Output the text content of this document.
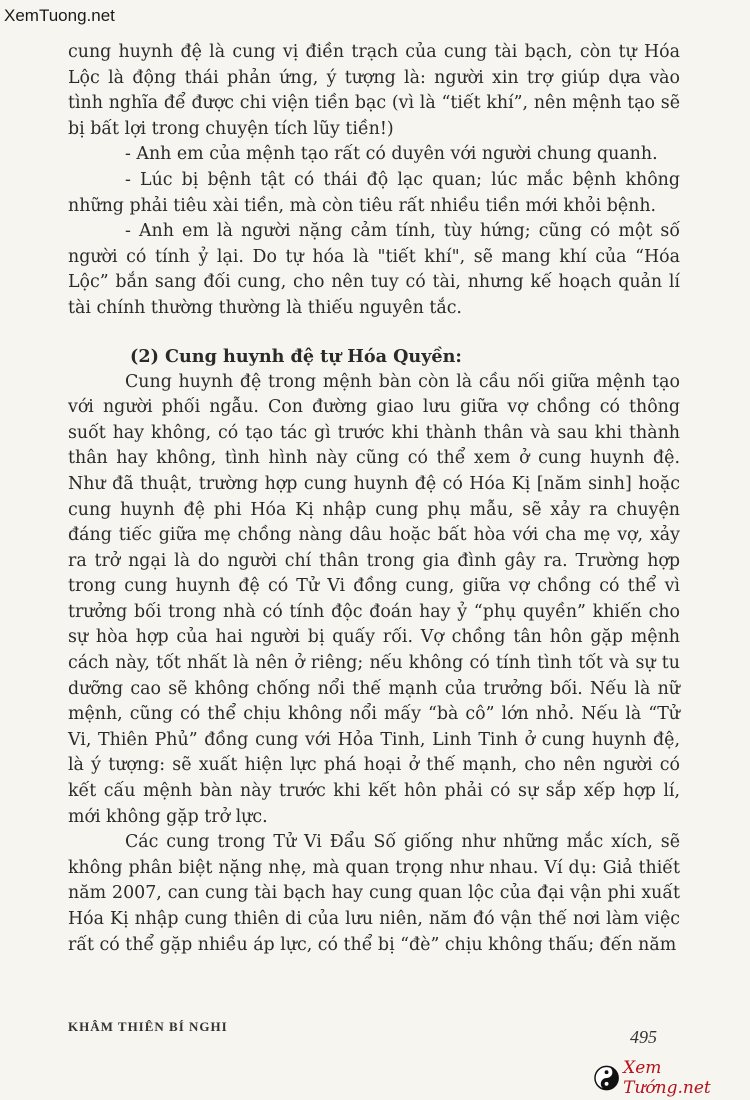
XemTuong.net

cung huynh đệ là cung vị điền trạch của cung tài bạch, còn tự Hóa Lộc là động thái phản ứng, ý tượng là: người xin trợ giúp dựa vào tình nghĩa để được chi viện tiền bạc (vì là “tiết khí”, nên mệnh tạo sẽ bị bất lợi trong chuyện tích lũy tiền!)

- Anh em của mệnh tạo rất có duyên với người chung quanh.

- Lúc bị bệnh tật có thái độ lạc quan; lúc mắc bệnh không những phải tiêu xài tiền, mà còn tiêu rất nhiều tiền mới khỏi bệnh.

- Anh em là người nặng cảm tính, tùy hứng; cũng có một số người có tính ỷ lại. Do tự hóa là "tiết khí", sẽ mang khí của “Hóa Lộc” bắn sang đối cung, cho nên tuy có tài, nhưng kế hoạch quản lí tài chính thường thường là thiếu nguyên tắc.

(2) Cung huynh đệ tự Hóa Quyền:

Cung huynh đệ trong mệnh bàn còn là cầu nối giữa mệnh tạo với người phối ngẫu. Con đường giao lưu giữa vợ chồng có thông suốt hay không, có tạo tác gì trước khi thành thân và sau khi thành thân hay không, tình hình này cũng có thể xem ở cung huynh đệ. Như đã thuật, trường hợp cung huynh đệ có Hóa Kị [năm sinh] hoặc cung huynh đệ phi Hóa Kị nhập cung phụ mẫu, sẽ xảy ra chuyện đáng tiếc giữa mẹ chồng nàng dâu hoặc bất hòa với cha mẹ vợ, xảy ra trở ngại là do người chí thân trong gia đình gây ra. Trường hợp trong cung huynh đệ có Tử Vi đồng cung, giữa vợ chồng có thể vì trưởng bối trong nhà có tính độc đoán hay ỷ “phụ quyền” khiến cho sự hòa hợp của hai người bị quấy rối. Vợ chồng tân hôn gặp mệnh cách này, tốt nhất là nên ở riêng; nếu không có tính tình tốt và sự tu dưỡng cao sẽ không chống nổi thế mạnh của trưởng bối. Nếu là nữ mệnh, cũng có thể chịu không nổi mấy “bà cô” lớn nhỏ. Nếu là “Tử Vi, Thiên Phủ” đồng cung với Hỏa Tinh, Linh Tinh ở cung huynh đệ, là ý tượng: sẽ xuất hiện lực phá hoại ở thế mạnh, cho nên người có kết cấu mệnh bàn này trước khi kết hôn phải có sự sắp xếp hợp lí, mới không gặp trở lực.

Các cung trong Tử Vi Đẩu Số giống như những mắc xích, sẽ không phân biệt nặng nhẹ, mà quan trọng như nhau. Ví dụ: Giả thiết năm 2007, can cung tài bạch hay cung quan lộc của đại vận phi xuất Hóa Kị nhập cung thiên di của lưu niên, năm đó vận thế nơi làm việc rất có thể gặp nhiều áp lực, có thể bị “đè” chịu không thấu; đến năm

KHÂM THIÊN BÍ NGHI
495
Xem Tướng.net
